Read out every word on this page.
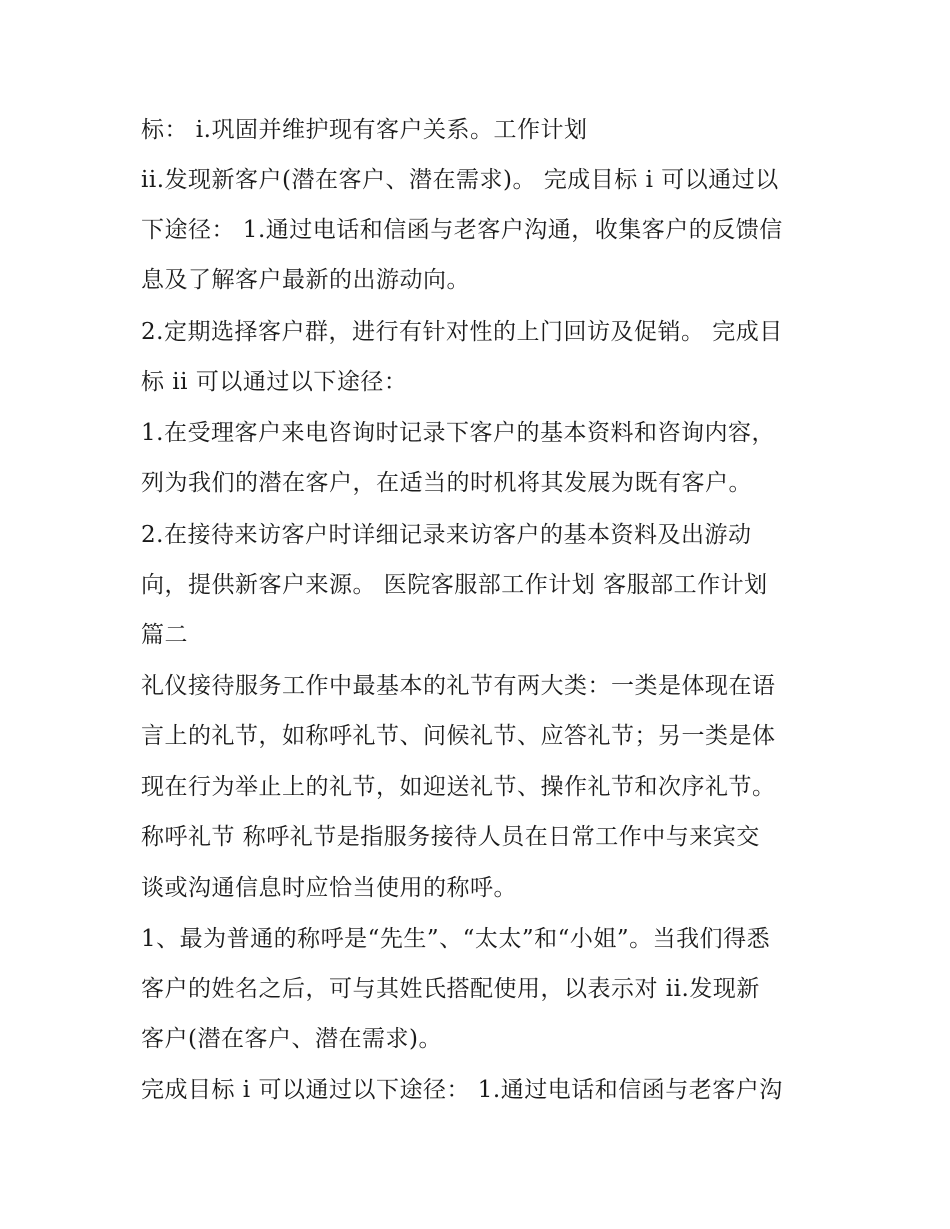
标： i.巩固并维护现有客户关系。工作计划
ii.发现新客户(潜在客户、潜在需求)。 完成目标 i 可以通过以
下途径： 1.通过电话和信函与老客户沟通，收集客户的反馈信
息及了解客户最新的出游动向。
2.定期选择客户群，进行有针对性的上门回访及促销。 完成目
标 ii 可以通过以下途径：
1.在受理客户来电咨询时记录下客户的基本资料和咨询内容，
列为我们的潜在客户，在适当的时机将其发展为既有客户。
2.在接待来访客户时详细记录来访客户的基本资料及出游动
向，提供新客户来源。 医院客服部工作计划 客服部工作计划
篇二
礼仪接待服务工作中最基本的礼节有两大类：一类是体现在语
言上的礼节，如称呼礼节、问候礼节、应答礼节；另一类是体
现在行为举止上的礼节，如迎送礼节、操作礼节和次序礼节。
称呼礼节 称呼礼节是指服务接待人员在日常工作中与来宾交
谈或沟通信息时应恰当使用的称呼。
1、最为普通的称呼是“先生”、“太太”和“小姐”。当我们得悉
客户的姓名之后，可与其姓氏搭配使用，以表示对 ii.发现新
客户(潜在客户、潜在需求)。
完成目标 i 可以通过以下途径： 1.通过电话和信函与老客户沟
